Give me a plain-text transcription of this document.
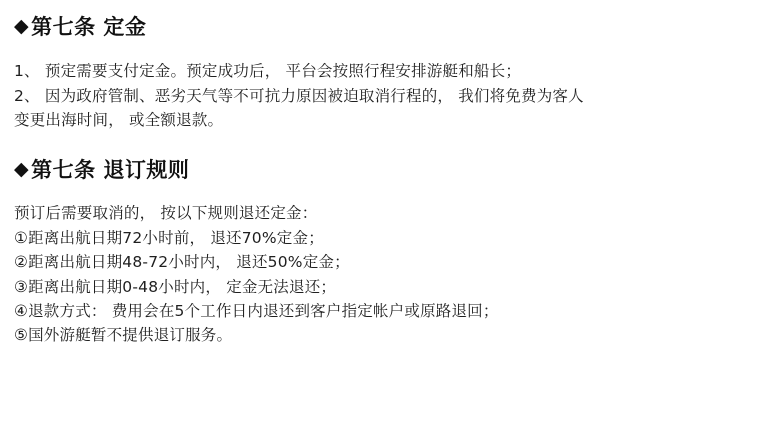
◆ 第七条 定金
1、 预定需要支付定金。预定成功后， 平台会按照行程安排游艇和船长；
2、 因为政府管制、恶劣天气等不可抗力原因被迫取消行程的， 我们将免费为客人
变更出海时间， 或全额退款。
◆ 第七条 退订规则
预订后需要取消的， 按以下规则退还定金：
①距离出航日期72小时前， 退还70%定金；
②距离出航日期48-72小时内， 退还50%定金；
③距离出航日期0-48小时内， 定金无法退还；
④退款方式： 费用会在5个工作日内退还到客户指定帐户或原路退回；
⑤国外游艇暂不提供退订服务。
